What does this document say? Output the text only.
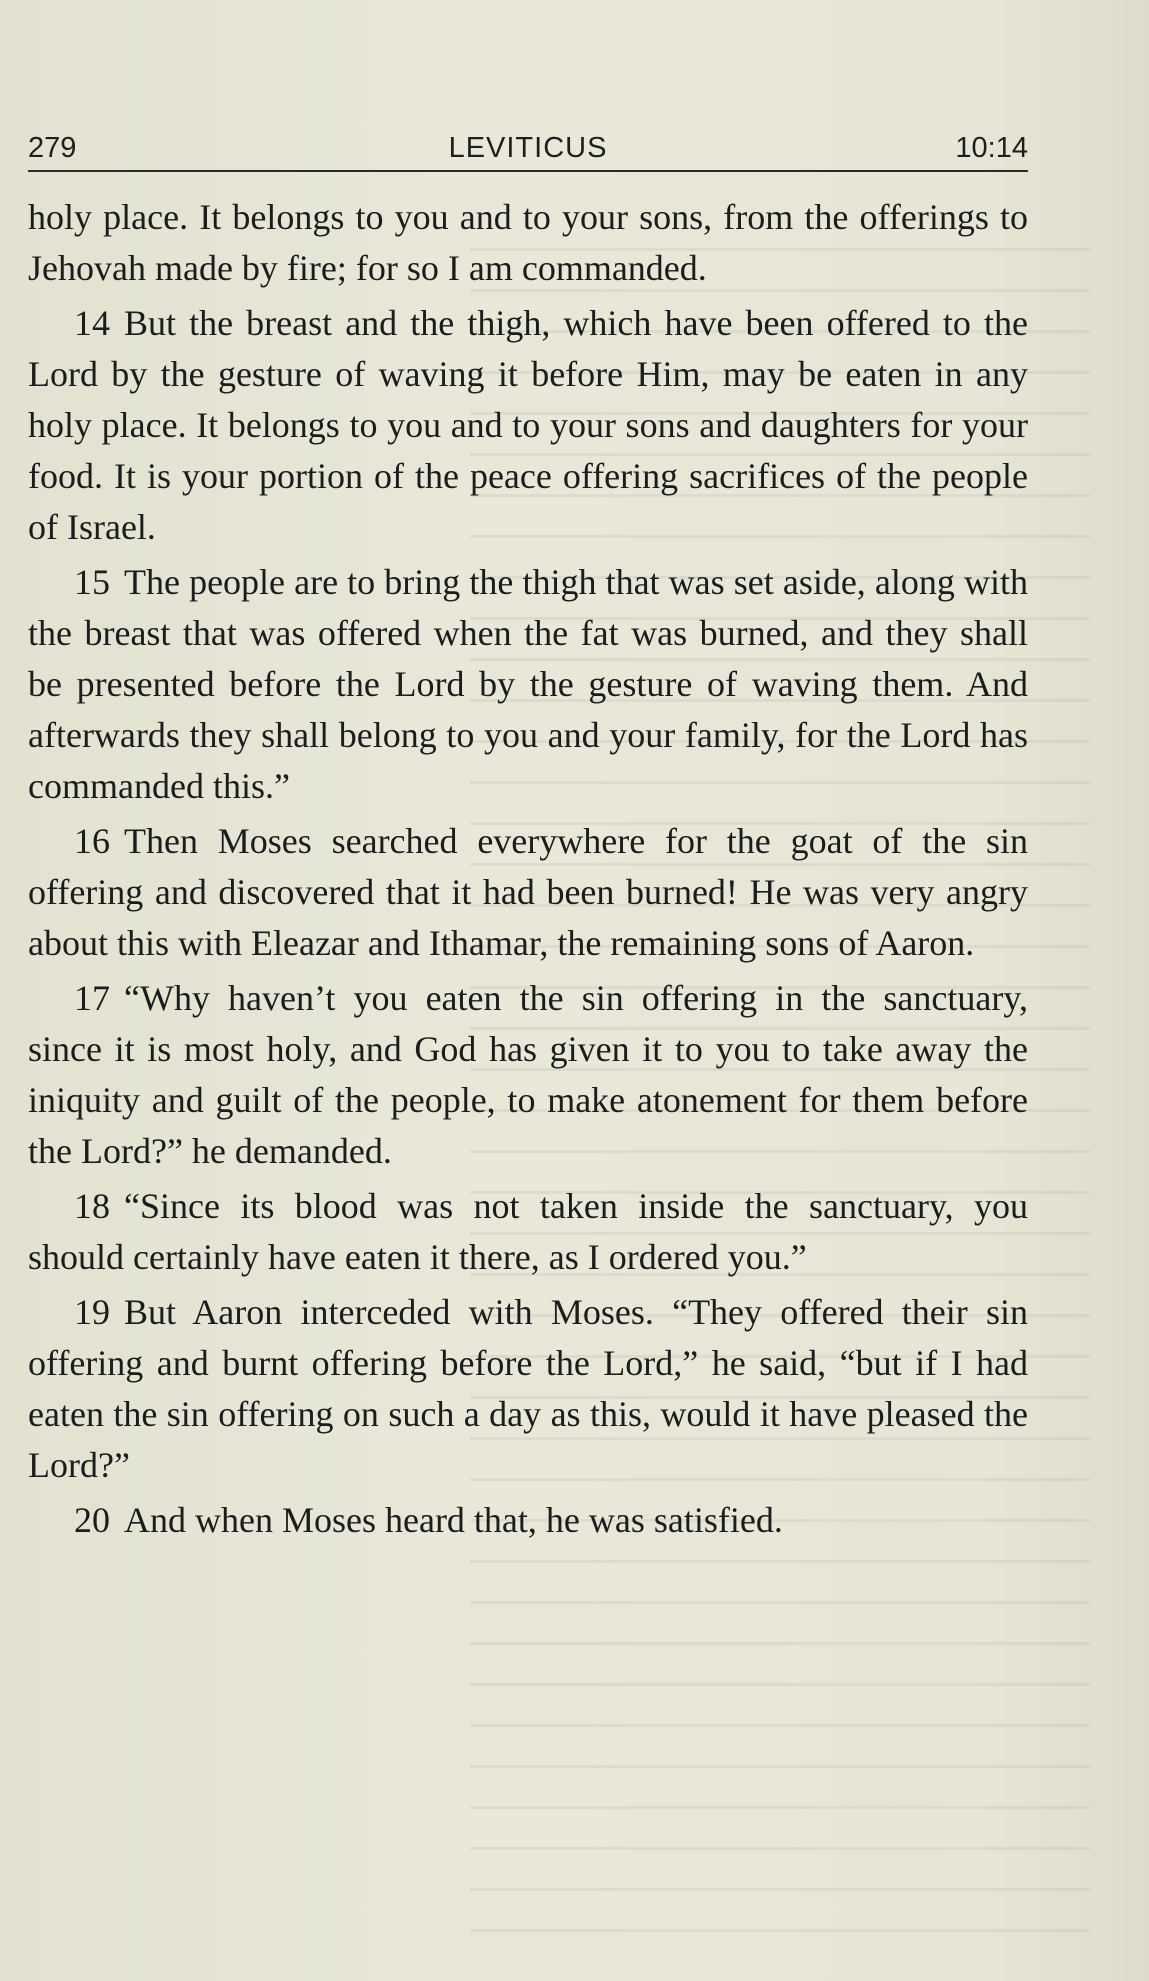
279	LEVITICUS	10:14

holy place. It belongs to you and to your sons, from the offerings to Jehovah made by fire; for so I am commanded.

14 But the breast and the thigh, which have been offered to the Lord by the gesture of waving it before Him, may be eaten in any holy place. It belongs to you and to your sons and daughters for your food. It is your portion of the peace offering sacrifices of the people of Israel.

15 The people are to bring the thigh that was set aside, along with the breast that was offered when the fat was burned, and they shall be presented before the Lord by the gesture of waving them. And afterwards they shall belong to you and your family, for the Lord has commanded this.”

16 Then Moses searched everywhere for the goat of the sin offering and discovered that it had been burned! He was very angry about this with Eleazar and Ithamar, the remaining sons of Aaron.

17 “Why haven’t you eaten the sin offering in the sanctuary, since it is most holy, and God has given it to you to take away the iniquity and guilt of the people, to make atonement for them before the Lord?” he demanded.

18 “Since its blood was not taken inside the sanctuary, you should certainly have eaten it there, as I ordered you.”

19 But Aaron interceded with Moses. “They offered their sin offering and burnt offering before the Lord,” he said, “but if I had eaten the sin offering on such a day as this, would it have pleased the Lord?”

20 And when Moses heard that, he was satisfied.
